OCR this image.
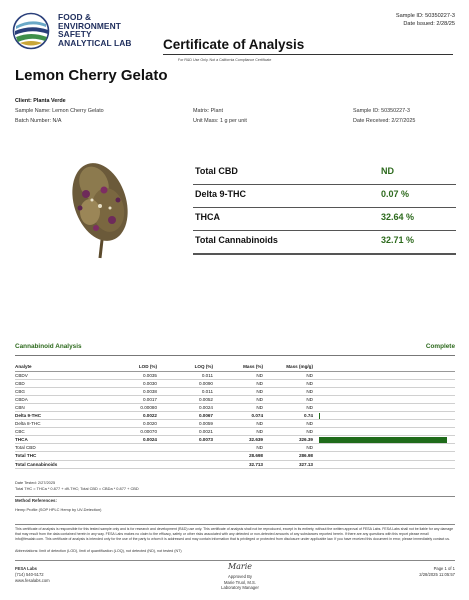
FOOD &
ENVIRONMENT
SAFETY
ANALYTICAL LAB
Sample ID: 50350227-3
Date Issued: 2/28/25
Certificate of Analysis
For R&D Use Only. Not a California Compliance Certificate
Lemon Cherry Gelato
Client: Planta Verde
Sample Name: Lemon Cherry Gelato
Batch Number: N/A
Matrix: Plant
Unit Mass: 1 g per unit
Sample ID: 50350227-3
Date Received: 2/27/2025
Total CBD	ND
Delta 9-THC	0.07 %
THCA	32.64 %
Total Cannabinoids	32.71 %
Cannabinoid Analysis	Complete
Analyte	LOD (%)	LOQ (%)	Mass (%)	Mass (mg/g)	
CBDV	0.0035	0.011	ND	ND	
CBD	0.0030	0.0090	ND	ND	
CBG	0.0038	0.011	ND	ND	
CBDA	0.0017	0.0052	ND	ND	
CBN	0.00080	0.0024	ND	ND	
Delta 9-THC	0.0022	0.0067	0.074	0.74	
Delta 8-THC	0.0020	0.0059	ND	ND	
CBC	0.00070	0.0021	ND	ND	
THCA	0.0024	0.0073	32.639	326.39	
Total CBD			ND	ND	
Total THC			28.698	286.98	
Total Cannabinoids			32.713	327.13	
Date Tested: 2/27/2025
Total THC = THCa * 0.877 + d9-THC; Total CBD = CBDa * 0.877 + CBD
Method References:
Hemp Profile (SOP HPLC Hemp by UV-Detection)
This certificate of analysis is responsible for this tested sample only and is for research and development (R&D) use only. This certificate of analysis shall not be reproduced, except in its entirety, without the written approval of FESA Labs. FESA Labs shall not be liable for any damage that may result from the data contained herein in any way. FESA Labs makes no claim to the efficacy, safety or other risks associated with any detected or non-detected amounts of any substances reported herein. If there are any questions with this report please email info@fesalab.com. This certificate of analysis is intended only for the use of the party to whom it is addressed and may contain information that is privileged or protected from disclosure under applicable law. If you have received this document in error, please immediately contact us.
Abbreviations: limit of detection (LOD), limit of quantification (LOQ), not detected (ND), not tested (NT)
FESA Labs
(714) 540-5172
www.fesalabs.com
Marie
Approved By
Marie Truol, M.S.
Laboratory Manager
Page 1 of 1
2/28/2025 11:05:57
